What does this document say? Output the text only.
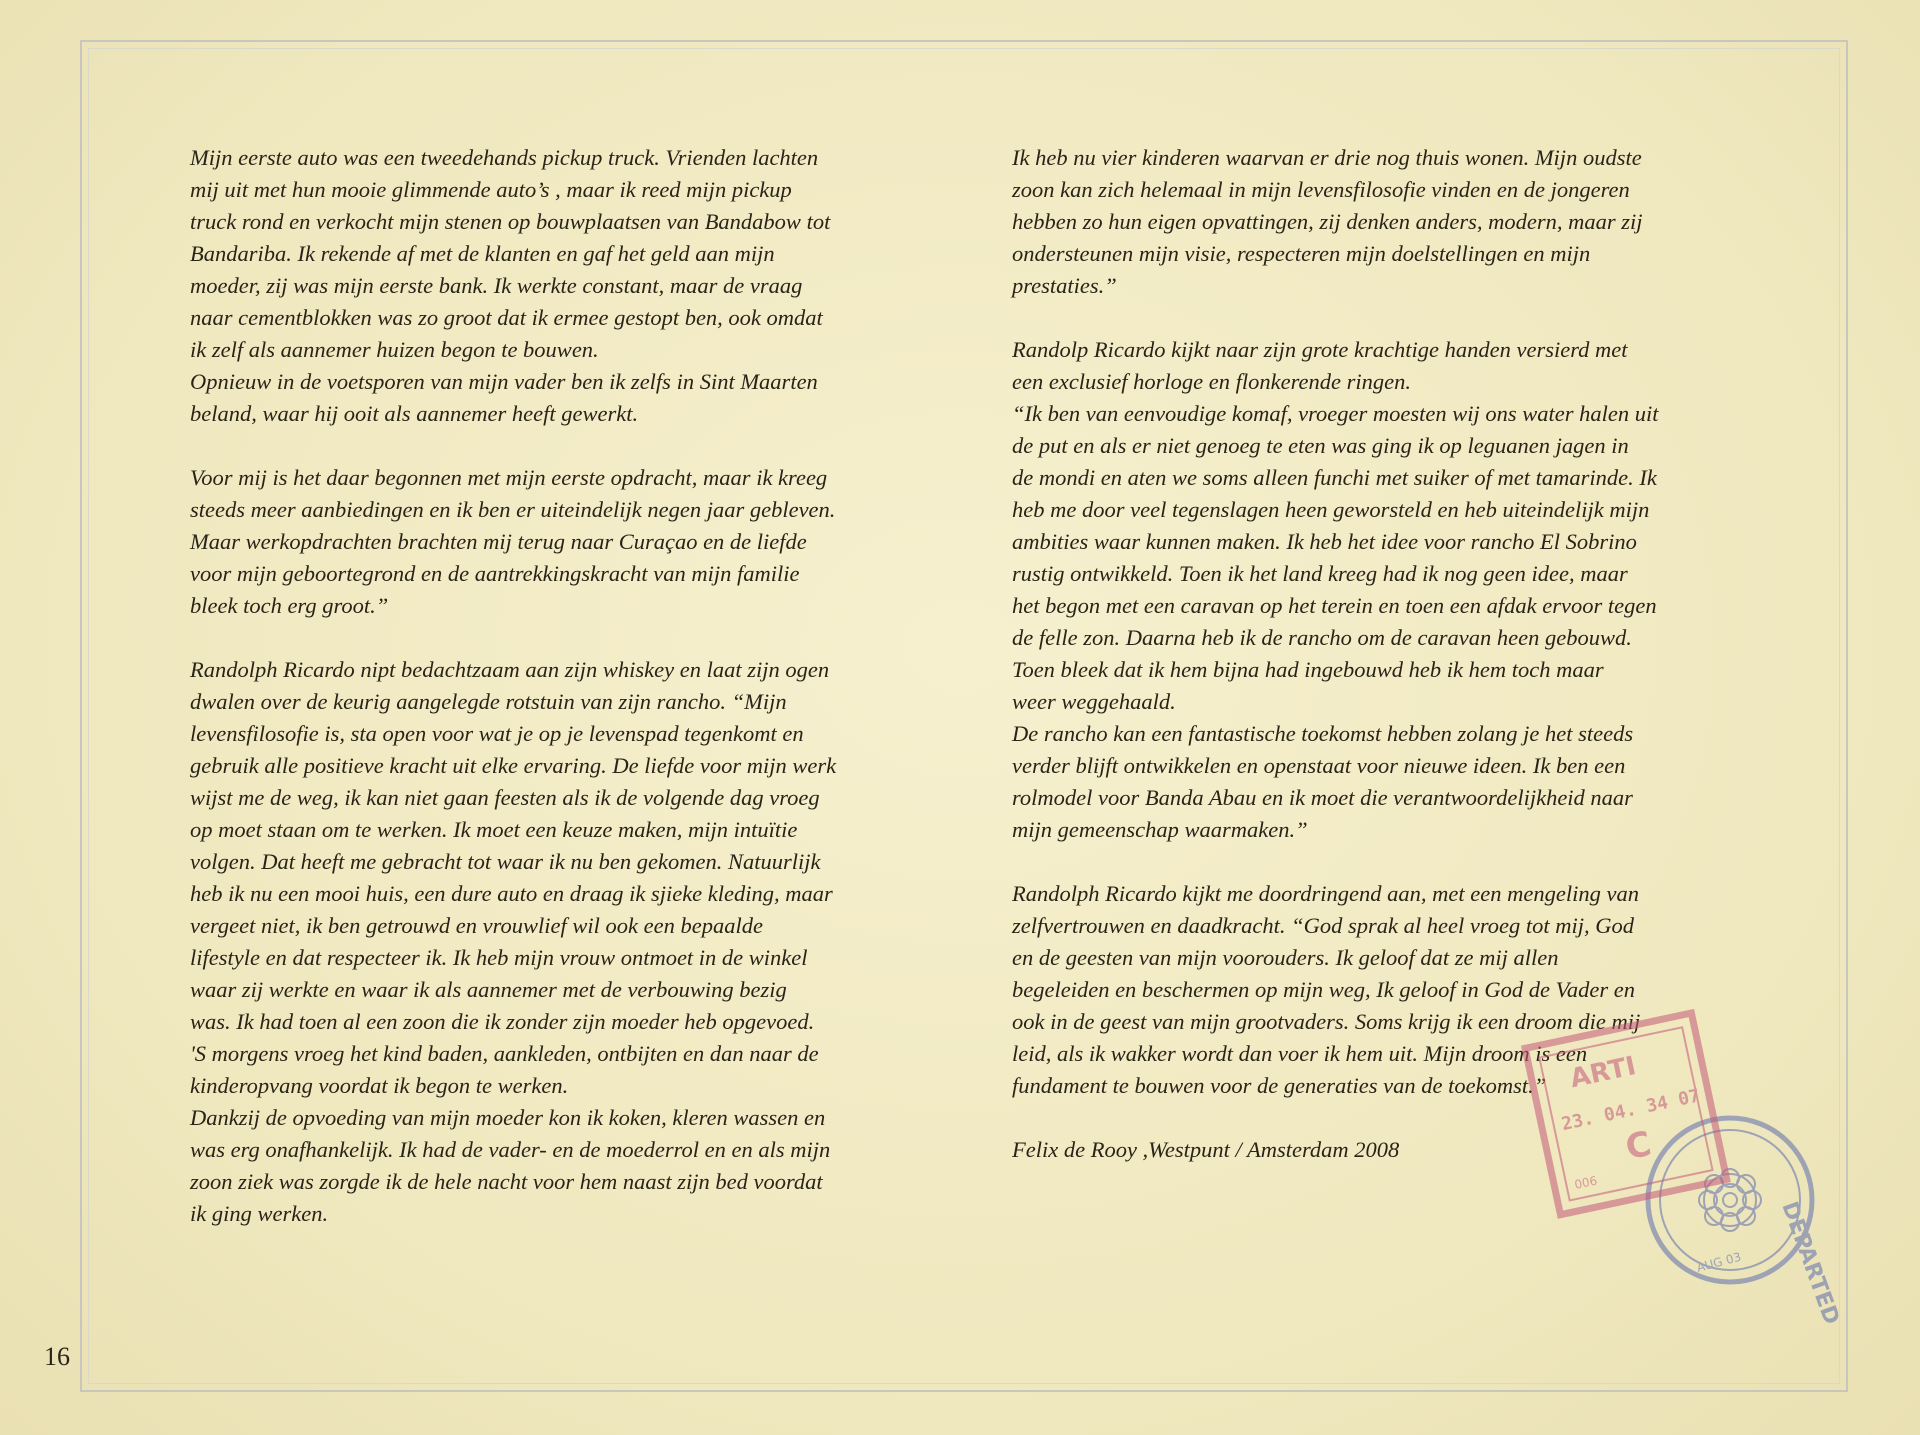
Mijn eerste auto was een tweedehands pickup truck. Vrienden lachten
mij uit met hun mooie glimmende auto’s , maar ik reed mijn pickup
truck rond en verkocht mijn stenen op bouwplaatsen van Bandabow tot
Bandariba. Ik rekende af met de klanten en gaf het geld aan mijn
moeder, zij was mijn eerste bank. Ik werkte constant, maar de vraag
naar cementblokken was zo groot dat ik ermee gestopt ben, ook omdat
ik zelf als aannemer huizen begon te bouwen.
Opnieuw in de voetsporen van mijn vader ben ik zelfs in Sint Maarten
beland, waar hij ooit als aannemer heeft gewerkt.
Voor mij is het daar begonnen met mijn eerste opdracht, maar ik kreeg
steeds meer aanbiedingen en ik ben er uiteindelijk negen jaar gebleven.
Maar werkopdrachten brachten mij terug naar Curaçao en de liefde
voor mijn geboortegrond en de aantrekkingskracht van mijn familie
bleek toch erg groot.”
Randolph Ricardo nipt bedachtzaam aan zijn whiskey en laat zijn ogen
dwalen over de keurig aangelegde rotstuin van zijn rancho. “Mijn
levensfilosofie is, sta open voor wat je op je levenspad tegenkomt en
gebruik alle positieve kracht uit elke ervaring. De liefde voor mijn werk
wijst me de weg, ik kan niet gaan feesten als ik de volgende dag vroeg
op moet staan om te werken. Ik moet een keuze maken, mijn intuïtie
volgen. Dat heeft me gebracht tot waar ik nu ben gekomen. Natuurlijk
heb ik nu een mooi huis, een dure auto en draag ik sjieke kleding, maar
vergeet niet, ik ben getrouwd en vrouwlief wil ook een bepaalde
lifestyle en dat respecteer ik. Ik heb mijn vrouw ontmoet in de winkel
waar zij werkte en waar ik als aannemer met de verbouwing bezig
was. Ik had toen al een zoon die ik zonder zijn moeder heb opgevoed.
'S morgens vroeg het kind baden, aankleden, ontbijten en dan naar de
kinderopvang voordat ik begon te werken.
Dankzij de opvoeding van mijn moeder kon ik koken, kleren wassen en
was erg onafhankelijk. Ik had de vader- en de moederrol en en als mijn
zoon ziek was zorgde ik de hele nacht voor hem naast zijn bed voordat
ik ging werken.
Ik heb nu vier kinderen waarvan er drie nog thuis wonen. Mijn oudste
zoon kan zich helemaal in mijn levensfilosofie vinden en de jongeren
hebben zo hun eigen opvattingen, zij denken anders, modern, maar zij
ondersteunen mijn visie, respecteren mijn doelstellingen en mijn
prestaties.”
Randolp Ricardo kijkt naar zijn grote krachtige handen versierd met
een exclusief horloge en flonkerende ringen.
“Ik ben van eenvoudige komaf, vroeger moesten wij ons water halen uit
de put en als er niet genoeg te eten was ging ik op leguanen jagen in
de mondi en aten we soms alleen funchi met suiker of met tamarinde. Ik
heb me door veel tegenslagen heen geworsteld en heb uiteindelijk mijn
ambities waar kunnen maken. Ik heb het idee voor rancho El Sobrino
rustig ontwikkeld. Toen ik het land kreeg had ik nog geen idee, maar
het begon met een caravan op het terein en toen een afdak ervoor tegen
de felle zon. Daarna heb ik de rancho om de caravan heen gebouwd.
Toen bleek dat ik hem bijna had ingebouwd heb ik hem toch maar
weer weggehaald.
De rancho kan een fantastische toekomst hebben zolang je het steeds
verder blijft ontwikkelen en openstaat voor nieuwe ideen. Ik ben een
rolmodel voor Banda Abau en ik moet die verantwoordelijkheid naar
mijn gemeenschap waarmaken.”
Randolph Ricardo kijkt me doordringend aan, met een mengeling van
zelfvertrouwen en daadkracht. “God sprak al heel vroeg tot mij, God
en de geesten van mijn voorouders. Ik geloof dat ze mij allen
begeleiden en beschermen op mijn weg, Ik geloof in God de Vader en
ook in de geest van mijn grootvaders. Soms krijg ik een droom die mij
leid, als ik wakker wordt dan voer ik hem uit. Mijn droom is een
fundament te bouwen voor de generaties van de toekomst.”
Felix de Rooy ,Westpunt / Amsterdam 2008
16
DEPARTED
AUG 03
ARTI
23. 04. 34 07
C
006
